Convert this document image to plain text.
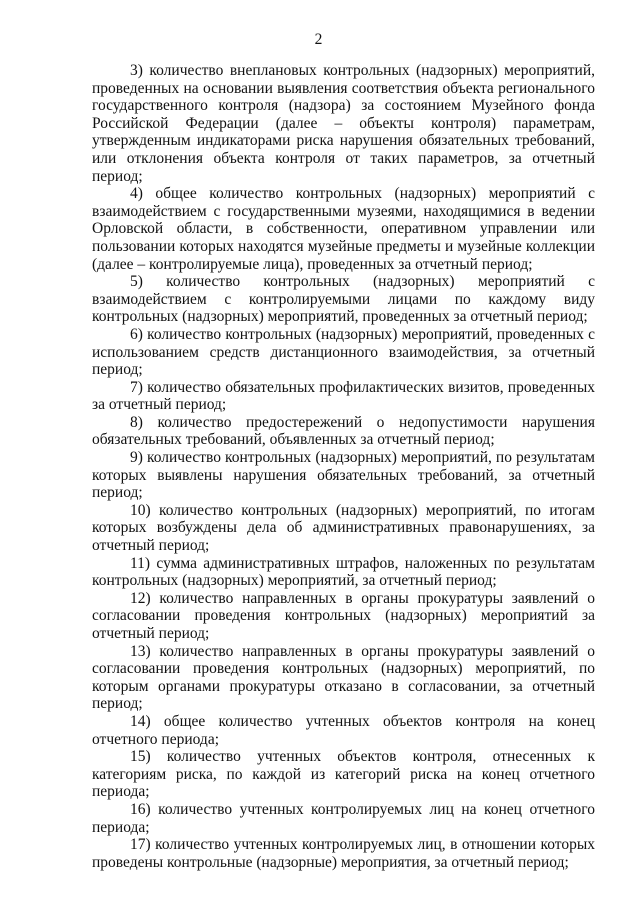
2

3) количество внеплановых контрольных (надзорных) мероприятий, проведенных на основании выявления соответствия объекта регионального государственного контроля (надзора) за состоянием Музейного фонда Российской Федерации (далее – объекты контроля) параметрам, утвержденным индикаторами риска нарушения обязательных требований, или отклонения объекта контроля от таких параметров, за отчетный период;

4) общее количество контрольных (надзорных) мероприятий с взаимодействием с государственными музеями, находящимися в ведении Орловской области, в собственности, оперативном управлении или пользовании которых находятся музейные предметы и музейные коллекции (далее – контролируемые лица), проведенных за отчетный период;

5) количество контрольных (надзорных) мероприятий с взаимодействием с контролируемыми лицами по каждому виду контрольных (надзорных) мероприятий, проведенных за отчетный период;

6) количество контрольных (надзорных) мероприятий, проведенных с использованием средств дистанционного взаимодействия, за отчетный период;

7) количество обязательных профилактических визитов, проведенных за отчетный период;

8) количество предостережений о недопустимости нарушения обязательных требований, объявленных за отчетный период;

9) количество контрольных (надзорных) мероприятий, по результатам которых выявлены нарушения обязательных требований, за отчетный период;

10) количество контрольных (надзорных) мероприятий, по итогам которых возбуждены дела об административных правонарушениях, за отчетный период;

11) сумма административных штрафов, наложенных по результатам контрольных (надзорных) мероприятий, за отчетный период;

12) количество направленных в органы прокуратуры заявлений о согласовании проведения контрольных (надзорных) мероприятий за отчетный период;

13) количество направленных в органы прокуратуры заявлений о согласовании проведения контрольных (надзорных) мероприятий, по которым органами прокуратуры отказано в согласовании, за отчетный период;

14) общее количество учтенных объектов контроля на конец отчетного периода;

15) количество учтенных объектов контроля, отнесенных к категориям риска, по каждой из категорий риска на конец отчетного периода;

16) количество учтенных контролируемых лиц на конец отчетного периода;

17) количество учтенных контролируемых лиц, в отношении которых проведены контрольные (надзорные) мероприятия, за отчетный период;
